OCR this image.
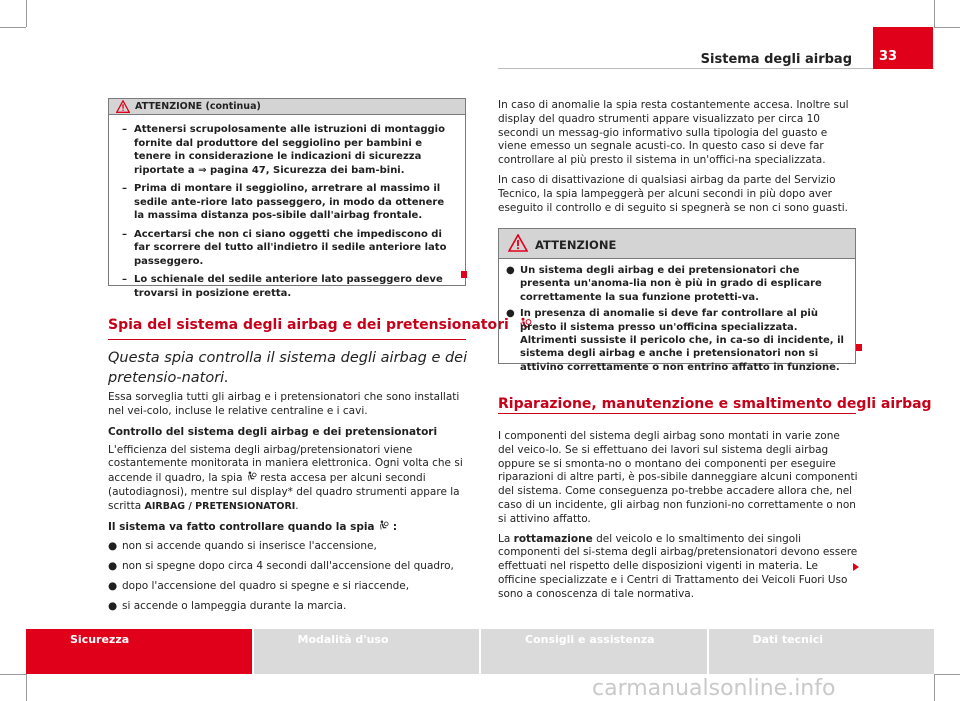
Sistema degli airbag	33
ATTENZIONE (continua)
– Attenersi scrupolosamente alle istruzioni di montaggio fornite dal produttore del seggiolino per bambini e tenere in considerazione le indicazioni di sicurezza riportate a ⇒ pagina 47, Sicurezza dei bam-bini.
– Prima di montare il seggiolino, arretrare al massimo il sedile ante-riore lato passeggero, in modo da ottenere la massima distanza pos-sibile dall'airbag frontale.
– Accertarsi che non ci siano oggetti che impediscono di far scorrere del tutto all'indietro il sedile anteriore lato passeggero.
– Lo schienale del sedile anteriore lato passeggero deve trovarsi in posizione eretta.
Spia del sistema degli airbag e dei pretensionatori
Questa spia controlla il sistema degli airbag e dei pretensio-natori.

Essa sorveglia tutti gli airbag e i pretensionatori che sono installati nel vei-colo, incluse le relative centraline e i cavi.

Controllo del sistema degli airbag e dei pretensionatori

L'efficienza del sistema degli airbag/pretensionatori viene costantemente monitorata in maniera elettronica. Ogni volta che si accende il quadro, la spia resta accesa per alcuni secondi (autodiagnosi), mentre sul display* del quadro strumenti appare la scritta AIRBAG / PRETENSIONATORI.

Il sistema va fatto controllare quando la spia :

● non si accende quando si inserisce l'accensione,
● non si spegne dopo circa 4 secondi dall'accensione del quadro,
● dopo l'accensione del quadro si spegne e si riaccende,
● si accende o lampeggia durante la marcia.

In caso di anomalie la spia resta costantemente accesa. Inoltre sul display del quadro strumenti appare visualizzato per circa 10 secondi un messag-gio informativo sulla tipologia del guasto e viene emesso un segnale acusti-co. In questo caso si deve far controllare al più presto il sistema in un'offici-na specializzata.

In caso di disattivazione di qualsiasi airbag da parte del Servizio Tecnico, la spia lampeggerà per alcuni secondi in più dopo aver eseguito il controllo e di seguito si spegnerà se non ci sono guasti.

ATTENZIONE
● Un sistema degli airbag e dei pretensionatori che presenta un'anoma-lia non è più in grado di esplicare correttamente la sua funzione protetti-va.
● In presenza di anomalie si deve far controllare al più presto il sistema presso un'officina specializzata. Altrimenti sussiste il pericolo che, in ca-so di incidente, il sistema degli airbag e anche i pretensionatori non si attivino correttamente o non entrino affatto in funzione.
Riparazione, manutenzione e smaltimento degli airbag

I componenti del sistema degli airbag sono montati in varie zone del veico-lo. Se si effettuano dei lavori sul sistema degli airbag oppure se si smonta-no o montano dei componenti per eseguire riparazioni di altre parti, è pos-sibile danneggiare alcuni componenti del sistema. Come conseguenza po-trebbe accadere allora che, nel caso di un incidente, gli airbag non funzioni-no correttamente o non si attivino affatto.

La rottamazione del veicolo e lo smaltimento dei singoli componenti del si-stema degli airbag/pretensionatori devono essere effettuati nel rispetto delle disposizioni vigenti in materia. Le officine specializzate e i Centri di Trattamento dei Veicoli Fuori Uso sono a conoscenza di tale normativa.

Sicurezza	Modalità d'uso	Consigli e assistenza	Dati tecnici
carmanualsonline.info
